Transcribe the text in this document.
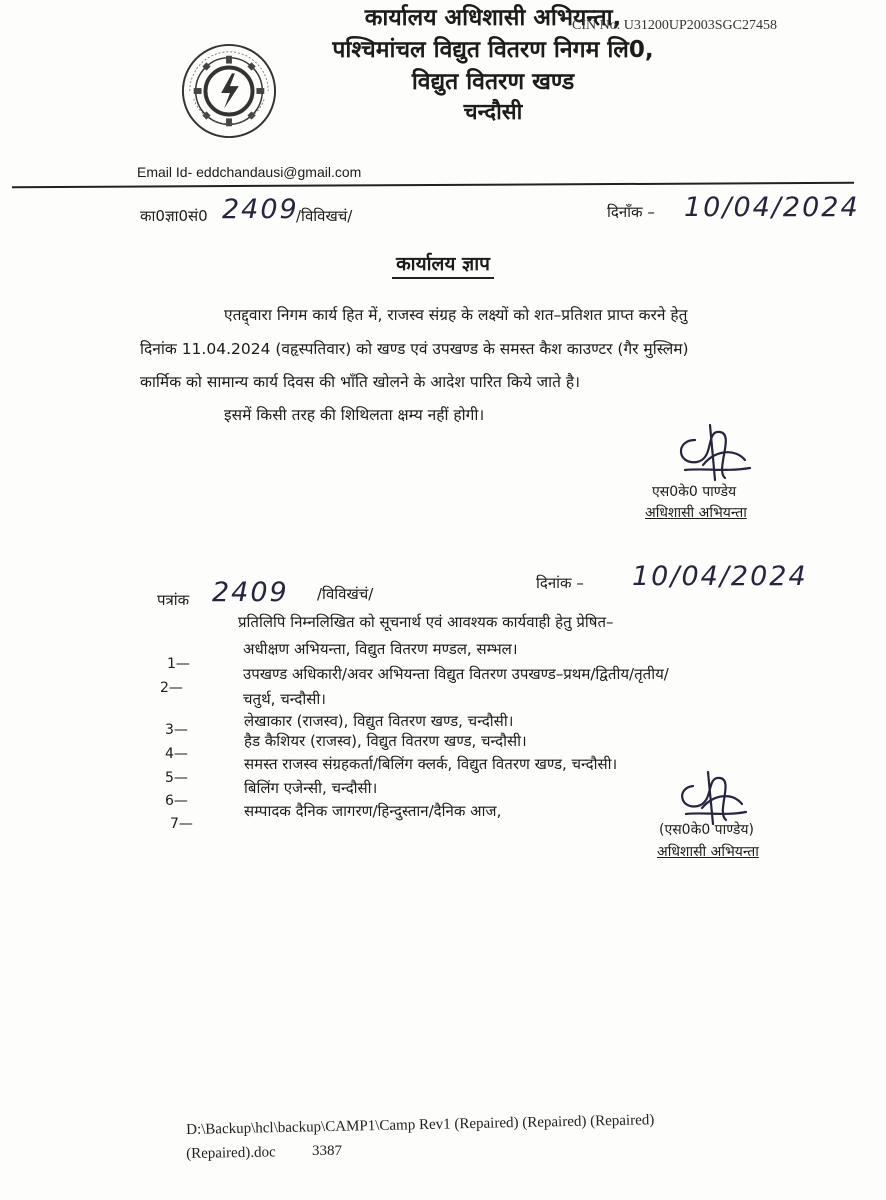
CIN No. U31200UP2003SGC27458
कार्यालय अधिशासी अभियन्ता,
पश्चिमांचल विद्युत वितरण निगम लि0,
विद्युत वितरण खण्ड
चन्दौसी
Email Id- eddchandausi@gmail.com
का0ज्ञा0सं0 2409
/विविखचं/	दिनाँक – 10/04/2024
कार्यालय ज्ञाप
एतद्द्वारा निगम कार्य हित में, राजस्व संग्रह के लक्ष्यों को शत–प्रतिशत प्राप्त करने हेतु
दिनांक 11.04.2024 (वहृस्पतिवार) को खण्ड एवं उपखण्ड के समस्त कैश काउण्टर (गैर मुस्लिम)
कार्मिक को सामान्य कार्य दिवस की भाँति खोलने के आदेश पारित किये जाते है।
इसमें किसी तरह की शिथिलता क्षम्य नहीं होगी।
एस0के0 पाण्डेय
अधिशासी अभियन्ता
पत्रांक 2409 /विविखंचं/
दिनांक – 10/04/2024
प्रतिलिपि निम्नलिखित को सूचनार्थ एवं आवश्यक कार्यवाही हेतु प्रेषित–
1—
अधीक्षण अभियन्ता, विद्युत वितरण मण्डल, सम्भल।
2—
उपखण्ड अधिकारी/अवर अभियन्ता विद्युत वितरण उपखण्ड–प्रथम/द्वितीय/तृतीय/
चतुर्थ, चन्दौसी।
3—	लेखाकार (राजस्व), विद्युत वितरण खण्ड, चन्दौसी।
4—
हैड कैशियर (राजस्व), विद्युत वितरण खण्ड, चन्दौसी।
5—
समस्त राजस्व संग्रहकर्ता/बिलिंग क्लर्क, विद्युत वितरण खण्ड, चन्दौसी।
6—
बिलिंग एजेन्सी, चन्दौसी।
7—
सम्पादक दैनिक जागरण/हिन्दुस्तान/दैनिक आज,
(एस0के0 पाण्डेय)
अधिशासी अभियन्ता
D:\Backup\hcl\backup\CAMP1\Camp Rev1 (Repaired) (Repaired) (Repaired)
(Repaired).doc 3387
